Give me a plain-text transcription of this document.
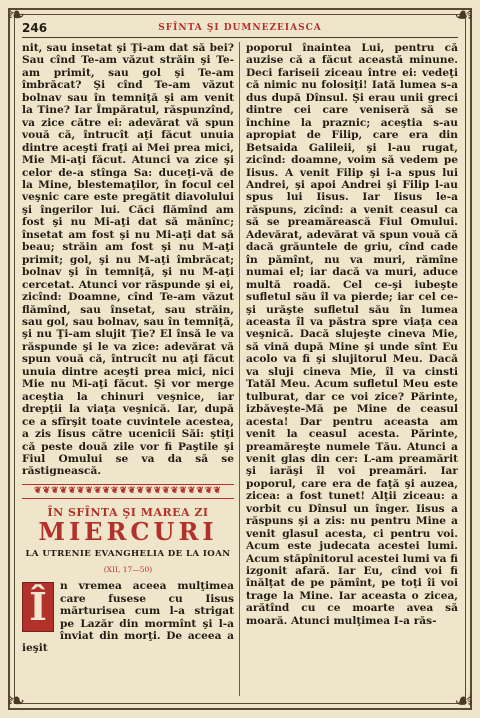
❧	☙
❧	☙
246	SFÎNTA ŞI DUMNEZEIASCA

nit, sau insetat şi Ţi-am dat să bei? Sau cînd Te-am văzut străin şi Te-am primit, sau gol şi Te-am îmbrăcat? Şi cînd Te-am văzut bolnav sau în temniţă şi am venit la Tine? Iar Împăratul, răspunzînd, va zice către ei: adevărat vă spun vouă că, întrucît aţi făcut unuia dintre aceşti fraţi ai Mei prea mici, Mie Mi-aţi făcut. Atunci va zice şi celor de-a stînga Sa: duceţi-vă de la Mine, blestemaţilor, în focul cel veşnic care este pregătit diavolului şi îngerilor lui. Căci flămînd am fost şi nu Mi-aţi dat să mănînc; însetat am fost şi nu Mi-aţi dat să beau; străin am fost şi nu M-aţi primit; gol, şi nu M-aţi îmbrăcat; bolnav şi în temniţă, şi nu M-aţi cercetat. Atunci vor răspunde şi ei, zicînd: Doamne, cînd Te-am văzut flămînd, sau însetat, sau străin, sau gol, sau bolnav, sau în temniţă, şi nu Ţi-am slujit Ţie? El însă le va răspunde şi le va zice: adevărat vă spun vouă că, întrucît nu aţi făcut unuia dintre aceşti prea mici, nici Mie nu Mi-aţi făcut. Şi vor merge aceştia la chinuri veşnice, iar drepţii la viaţa veşnică. Iar, după ce a sfîrşit toate cuvintele acestea, a zis Iisus către ucenicii Săi: ştiţi că peste două zile vor fi Paştile şi Fiul Omului se va da să se răstignească.

❦❦❦❦❦❦❦❦❦❦❦❦❦❦❦❦❦❦❦❦❦❦
ÎN SFÎNTA ŞI MAREA ZI
MIERCURI
LA UTRENIE EVANGHELIA DE LA IOAN
(XII, 17—50)
Î	n vremea aceea mulţimea care fusese cu Iisus mărturisea cum l-a strigat pe Lazăr din mormînt şi l-a înviat din morţi. De aceea a ieşit

poporul înaintea Lui, pentru că auzise că a făcut această minune. Deci fariseii ziceau între ei: vedeţi că nimic nu folosiţi! Iată lumea s-a dus după Dînsul. Şi erau unii greci dintre cei care veniseră să se închine la praznic; aceştia s-au apropiat de Filip, care era din Betsaida Galileii, şi l-au rugat, zicînd: doamne, voim să vedem pe Iisus. A venit Filip şi i-a spus lui Andrei, şi apoi Andrei şi Filip l-au spus lui Iisus. Iar Iisus le-a răspuns, zicînd: a venit ceasul ca să se preamărească Fiul Omului. Adevărat, adevărat vă spun vouă că dacă grăuntele de griu, cînd cade în pămînt, nu va muri, rămîne numai el; iar dacă va muri, aduce multă roadă. Cel ce-şi iubeşte sufletul său îl va pierde; iar cel ce-şi urăşte sufletul său în lumea aceasta îl va păstra spre viaţa cea veşnică. Dacă slujeşte cineva Mie, să vină după Mine şi unde sînt Eu acolo va fi şi slujitorul Meu. Dacă va sluji cineva Mie, îl va cinsti Tatăl Meu. Acum sufletul Meu este tulburat, dar ce voi zice? Părinte, izbăveşte-Mă pe Mine de ceasul acesta! Dar pentru aceasta am venit la ceasul acesta. Părinte, preamăreşte numele Tău. Atunci a venit glas din cer: L-am preamărit şi iarăşi îl voi preamări. Iar poporul, care era de faţă şi auzea, zicea: a fost tunet! Alţii ziceau: a vorbit cu Dînsul un înger. Iisus a răspuns şi a zis: nu pentru Mine a venit glasul acesta, ci pentru voi. Acum este judecata acestei lumi. Acum stăpînitorul acestei lumi va fi izgonit afară. Iar Eu, cînd voi fi înălţat de pe pămînt, pe toţi îi voi trage la Mine. Iar aceasta o zicea, arătînd cu ce moarte avea să moară. Atunci mulţimea I-a răs-
